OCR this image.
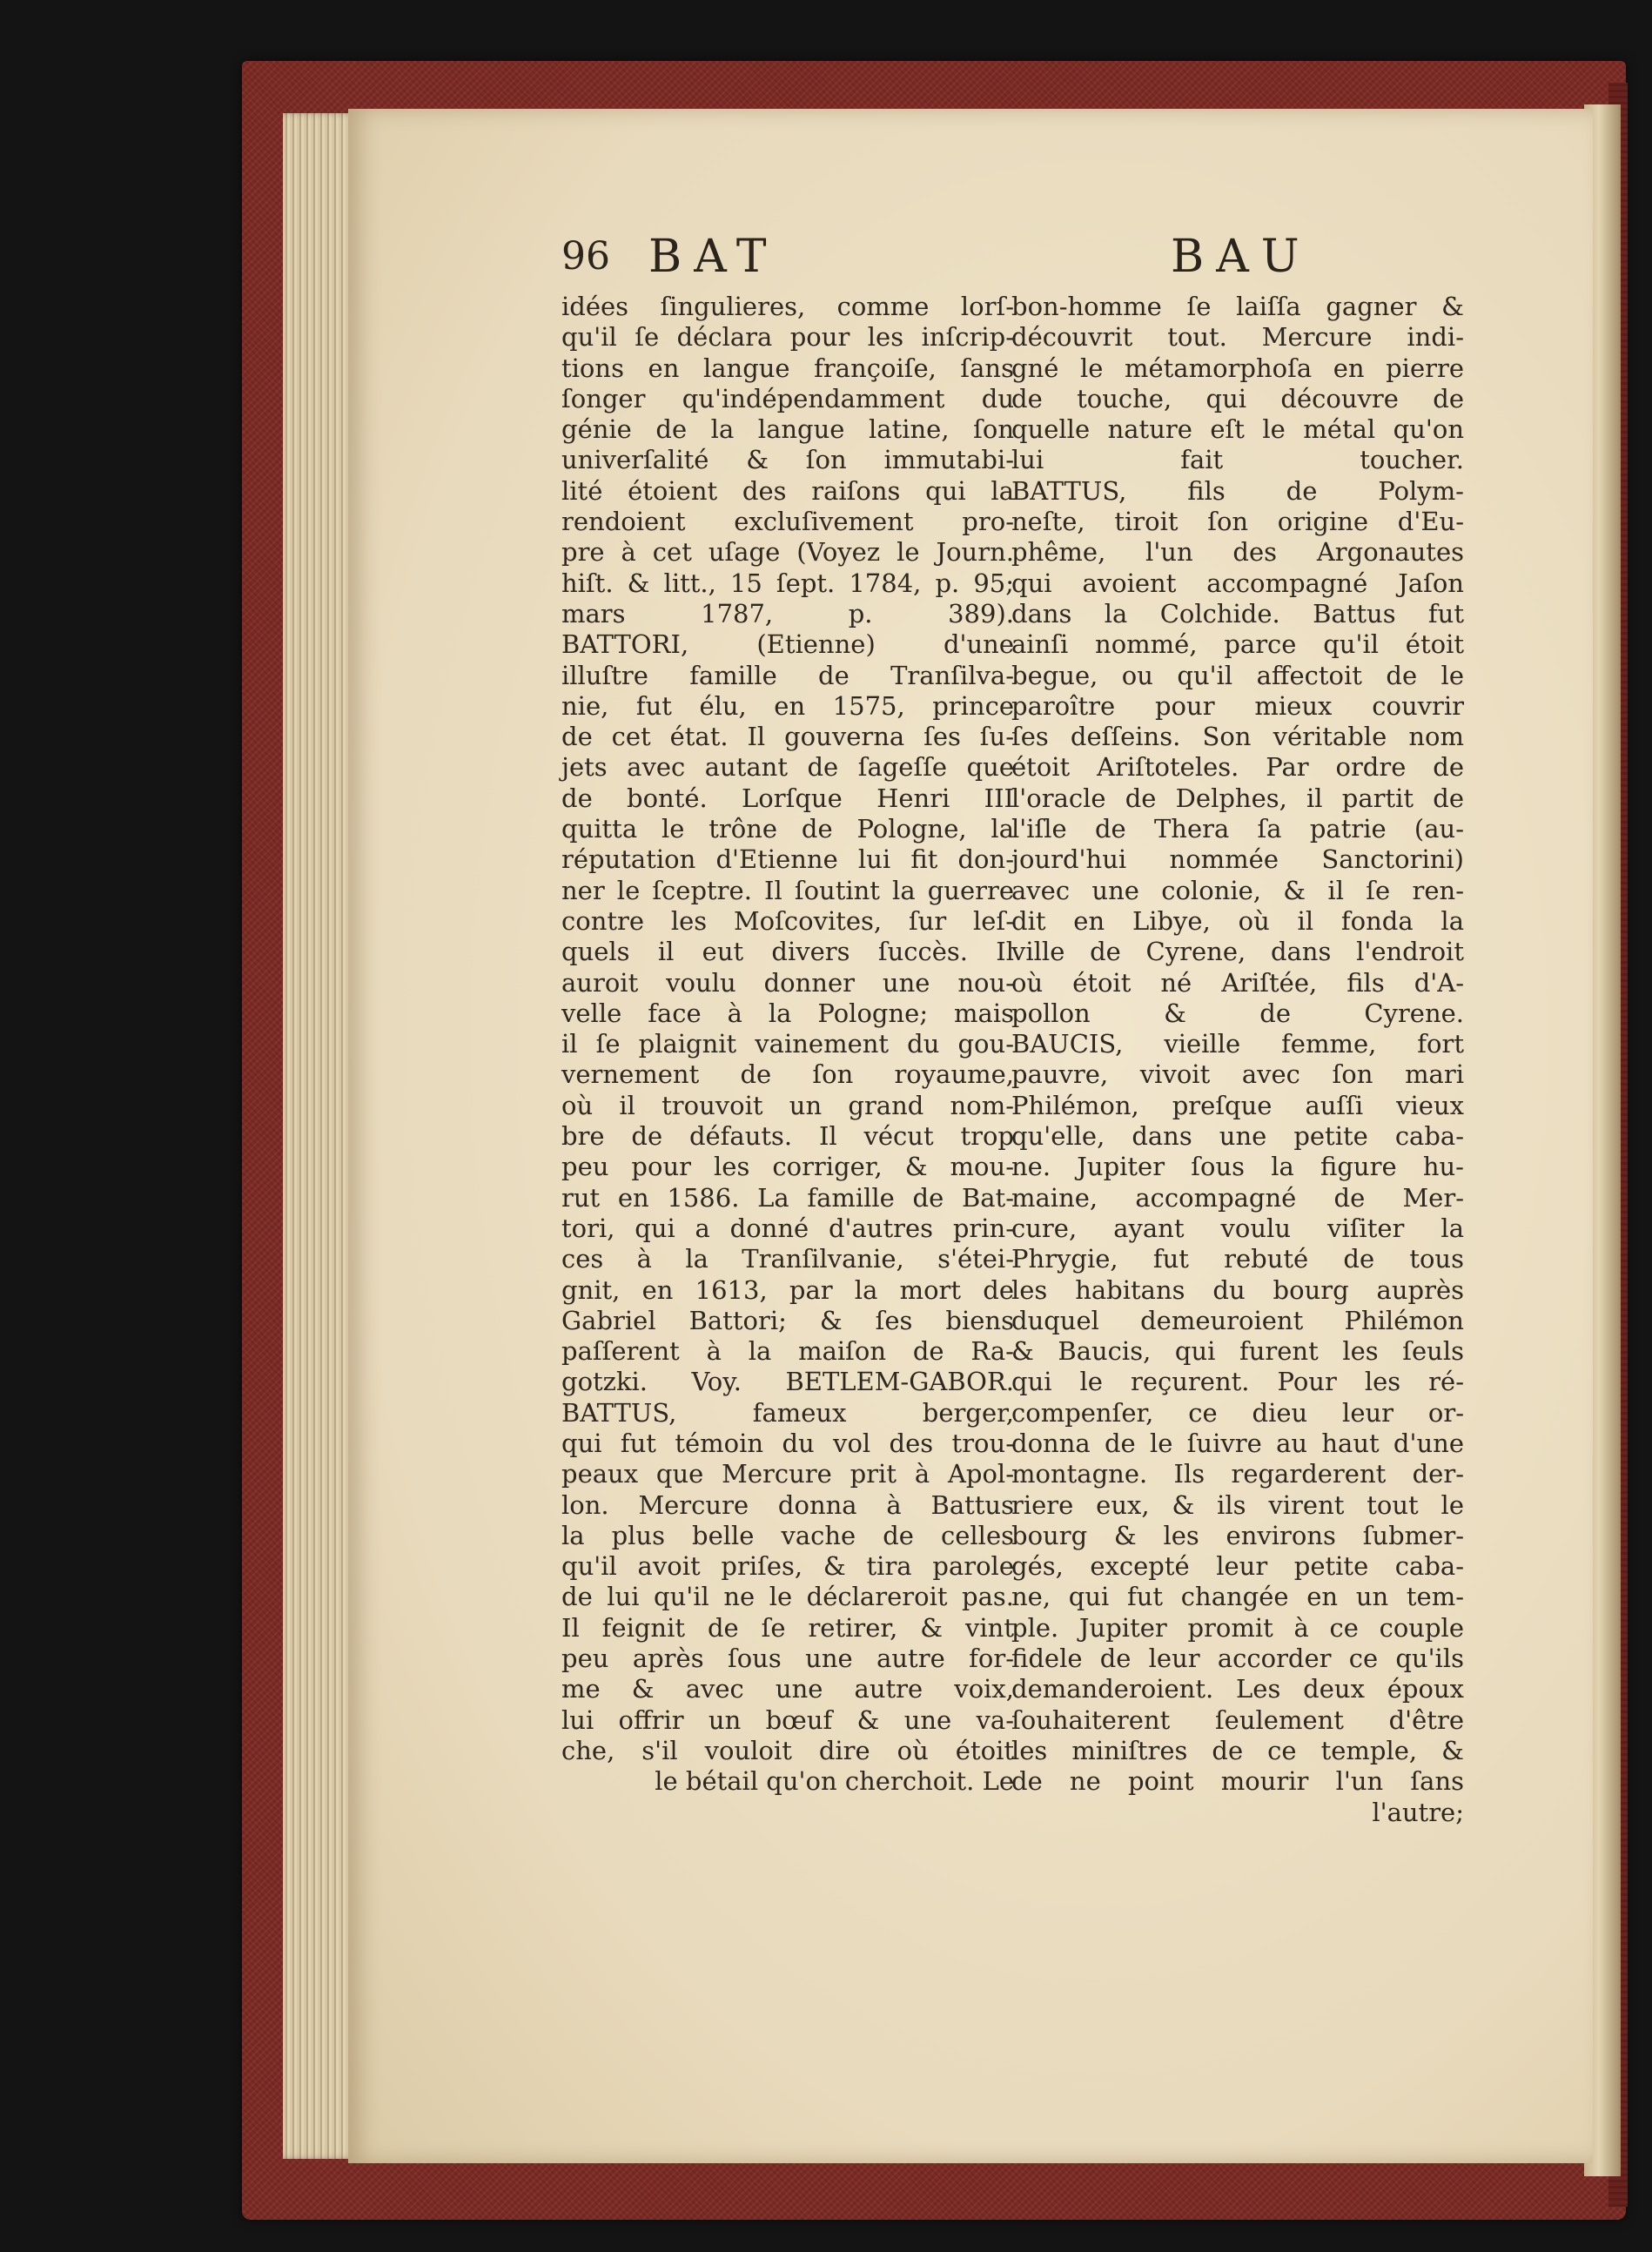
96 BAT	BAU
idées ſingulieres, comme lorſ-
qu'il ſe déclara pour les inſcrip-
tions en langue françoiſe, ſans
ſonger qu'indépendamment du
génie de la langue latine, ſon
univerſalité & ſon immutabi-
lité étoient des raiſons qui la
rendoient excluſivement pro-
pre à cet uſage (Voyez le Journ.
hiſt. & litt., 15 ſept. 1784, p. 95;
mars 1787, p. 389).
BATTORI, (Etienne) d'une
illuſtre famille de Tranſilva-
nie, fut élu, en 1575, prince
de cet état. Il gouverna ſes ſu-
jets avec autant de ſageſſe que
de bonté. Lorſque Henri III
quitta le trône de Pologne, la
réputation d'Etienne lui fit don-
ner le ſceptre. Il ſoutint la guerre
contre les Moſcovites, ſur leſ-
quels il eut divers ſuccès. Il
auroit voulu donner une nou-
velle face à la Pologne; mais
il ſe plaignit vainement du gou-
vernement de ſon royaume,
où il trouvoit un grand nom-
bre de défauts. Il vécut trop
peu pour les corriger, & mou-
rut en 1586. La famille de Bat-
tori, qui a donné d'autres prin-
ces à la Tranſilvanie, s'étei-
gnit, en 1613, par la mort de
Gabriel Battori; & ſes biens
paſſerent à la maiſon de Ra-
gotzki. Voy. BETLEM-GABOR.
BATTUS, fameux berger,
qui fut témoin du vol des trou-
peaux que Mercure prit à Apol-
lon. Mercure donna à Battus
la plus belle vache de celles
qu'il avoit priſes, & tira parole
de lui qu'il ne le déclareroit pas.
Il feignit de ſe retirer, & vint
peu après ſous une autre for-
me & avec une autre voix,
lui offrir un bœuf & une va-
che, s'il vouloit dire où étoit
le bétail qu'on cherchoit. Le
bon-homme ſe laiſſa gagner &
découvrit tout. Mercure indi-
gné le métamorphoſa en pierre
de touche, qui découvre de
quelle nature eſt le métal qu'on
lui fait toucher.
BATTUS, fils de Polym-
neſte, tiroit ſon origine d'Eu-
phême, l'un des Argonautes
qui avoient accompagné Jaſon
dans la Colchide. Battus fut
ainſi nommé, parce qu'il étoit
begue, ou qu'il affectoit de le
paroître pour mieux couvrir
ſes deſſeins. Son véritable nom
étoit Ariſtoteles. Par ordre de
l'oracle de Delphes, il partit de
l'iſle de Thera ſa patrie (au-
jourd'hui nommée Sanctorini)
avec une colonie, & il ſe ren-
dit en Libye, où il fonda la
ville de Cyrene, dans l'endroit
où étoit né Ariſtée, fils d'A-
pollon & de Cyrene.
BAUCIS, vieille femme, fort
pauvre, vivoit avec ſon mari
Philémon, preſque auſſi vieux
qu'elle, dans une petite caba-
ne. Jupiter ſous la figure hu-
maine, accompagné de Mer-
cure, ayant voulu viſiter la
Phrygie, fut rebuté de tous
les habitans du bourg auprès
duquel demeuroient Philémon
& Baucis, qui furent les ſeuls
qui le reçurent. Pour les ré-
compenſer, ce dieu leur or-
donna de le ſuivre au haut d'une
montagne. Ils regarderent der-
riere eux, & ils virent tout le
bourg & les environs ſubmer-
gés, excepté leur petite caba-
ne, qui fut changée en un tem-
ple. Jupiter promit à ce couple
fidele de leur accorder ce qu'ils
demanderoient. Les deux époux
ſouhaiterent ſeulement d'être
les miniſtres de ce temple, &
de ne point mourir l'un ſans
l'autre;
